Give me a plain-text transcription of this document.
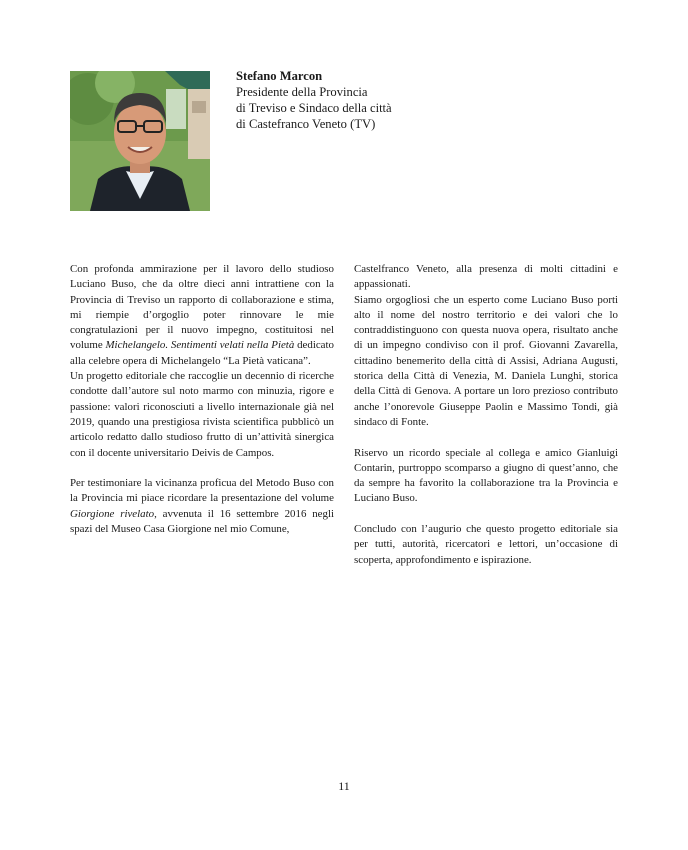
Stefano Marcon
Presidente della Provincia
di Treviso e Sindaco della città
di Castefranco Veneto (TV)

Con profonda ammirazione per il lavoro dello studioso Luciano Buso, che da oltre dieci anni intrattiene con la Provincia di Treviso un rapporto di collaborazione e stima, mi riempie d’orgoglio poter rinnovare le mie congratulazioni per il nuovo impegno, costituitosi nel volume Michelangelo. Sentimenti velati nella Pietà dedicato alla celebre opera di Michelangelo “La Pietà vaticana”.

Un progetto editoriale che raccoglie un decennio di ricerche condotte dall’autore sul noto marmo con minuzia, rigore e passione: valori riconosciuti a livello internazionale già nel 2019, quando una prestigiosa rivista scientifica pubblicò un articolo redatto dallo studioso frutto di un’attività sinergica con il docente universitario Deivis de Campos.

Per testimoniare la vicinanza proficua del Metodo Buso con la Provincia mi piace ricordare la presentazione del volume Giorgione rivelato, avvenuta il 16 settembre 2016 negli spazi del Museo Casa Giorgione nel mio Comune,

Castelfranco Veneto, alla presenza di molti cittadini e appassionati.

Siamo orgogliosi che un esperto come Luciano Buso porti alto il nome del nostro territorio e dei valori che lo contraddistinguono con questa nuova opera, risultato anche di un impegno condiviso con il prof. Giovanni Zavarella, cittadino benemerito della città di Assisi, Adriana Augusti, storica della Città di Venezia, M. Daniela Lunghi, storica della Città di Genova. A portare un loro prezioso contributo anche l’onorevole Giuseppe Paolin e Massimo Tondi, già sindaco di Fonte.

Riservo un ricordo speciale al collega e amico Gianluigi Contarin, purtroppo scomparso a giugno di quest’anno, che da sempre ha favorito la collaborazione tra la Provincia e Luciano Buso.

Concludo con l’augurio che questo progetto editoriale sia per tutti, autorità, ricercatori e lettori, un’occasione di scoperta, approfondimento e ispirazione.

11
